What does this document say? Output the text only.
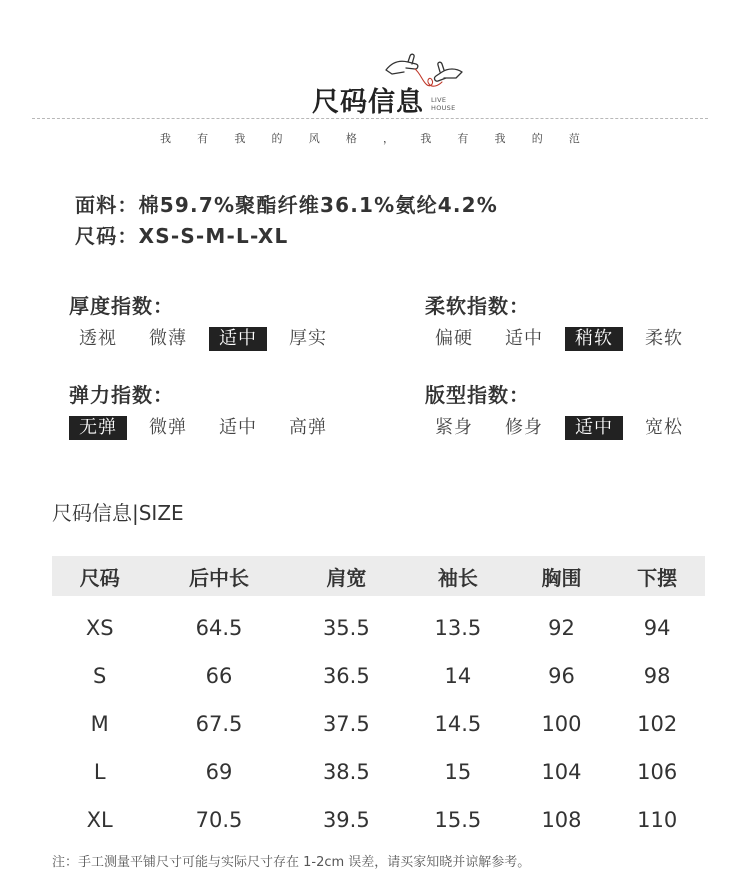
尺码信息 LIVE
HOUSE
我 有 我 的 风 格 ， 我 有 我 的 范
面料：棉59.7%聚酯纤维36.1%氨纶4.2%
尺码：XS-S-M-L-XL
厚度指数：
透视	微薄	适中	厚实
柔软指数：
偏硬	适中	稍软	柔软
弹力指数：
无弹	微弹	适中	高弹
版型指数：
紧身	修身	适中	宽松
尺码信息|SIZE
尺码	后中长	肩宽	袖长	胸围	下摆
XS	64.5	35.5	13.5	92	94
S	66	36.5	14	96	98
M	67.5	37.5	14.5	100	102
L	69	38.5	15	104	106
XL	70.5	39.5	15.5	108	110
注：手工测量平铺尺寸可能与实际尺寸存在 1-2cm 误差，请买家知晓并谅解参考。
